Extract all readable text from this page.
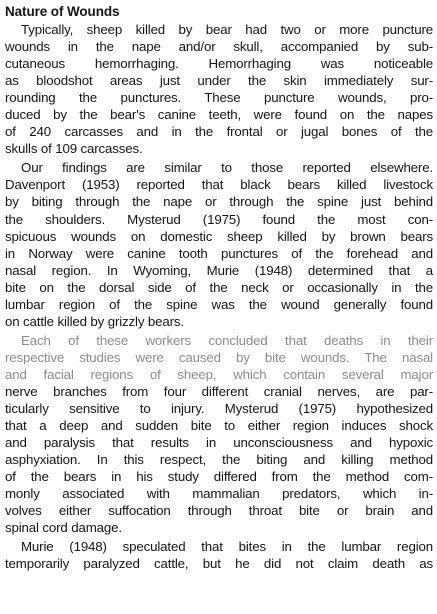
Nature of Wounds
Typically, sheep killed by bear had two or more puncture
wounds in the nape and/or skull, accompanied by sub-
cutaneous hemorrhaging. Hemorrhaging was noticeable
as bloodshot areas just under the skin immediately sur-
rounding the punctures. These puncture wounds, pro-
duced by the bear's canine teeth, were found on the napes
of 240 carcasses and in the frontal or jugal bones of the
skulls of 109 carcasses.
Our findings are similar to those reported elsewhere.
Davenport (1953) reported that black bears killed livestock
by biting through the nape or through the spine just behind
the shoulders. Mysterud (1975) found the most con-
spicuous wounds on domestic sheep killed by brown bears
in Norway were canine tooth punctures of the forehead and
nasal region. In Wyoming, Murie (1948) determined that a
bite on the dorsal side of the neck or occasionally in the
lumbar region of the spine was the wound generally found
on cattle killed by grizzly bears.
Each of these workers concluded that deaths in their
respective studies were caused by bite wounds. The nasal
and facial regions of sheep, which contain several major
nerve branches from four different cranial nerves, are par-
ticularly sensitive to injury. Mysterud (1975) hypothesized
that a deep and sudden bite to either region induces shock
and paralysis that results in unconsciousness and hypoxic
asphyxiation. In this respect, the biting and killing method
of the bears in his study differed from the method com-
monly associated with mammalian predators, which in-
volves either suffocation through throat bite or brain and
spinal cord damage.
Murie (1948) speculated that bites in the lumbar region
temporarily paralyzed cattle, but he did not claim death as
